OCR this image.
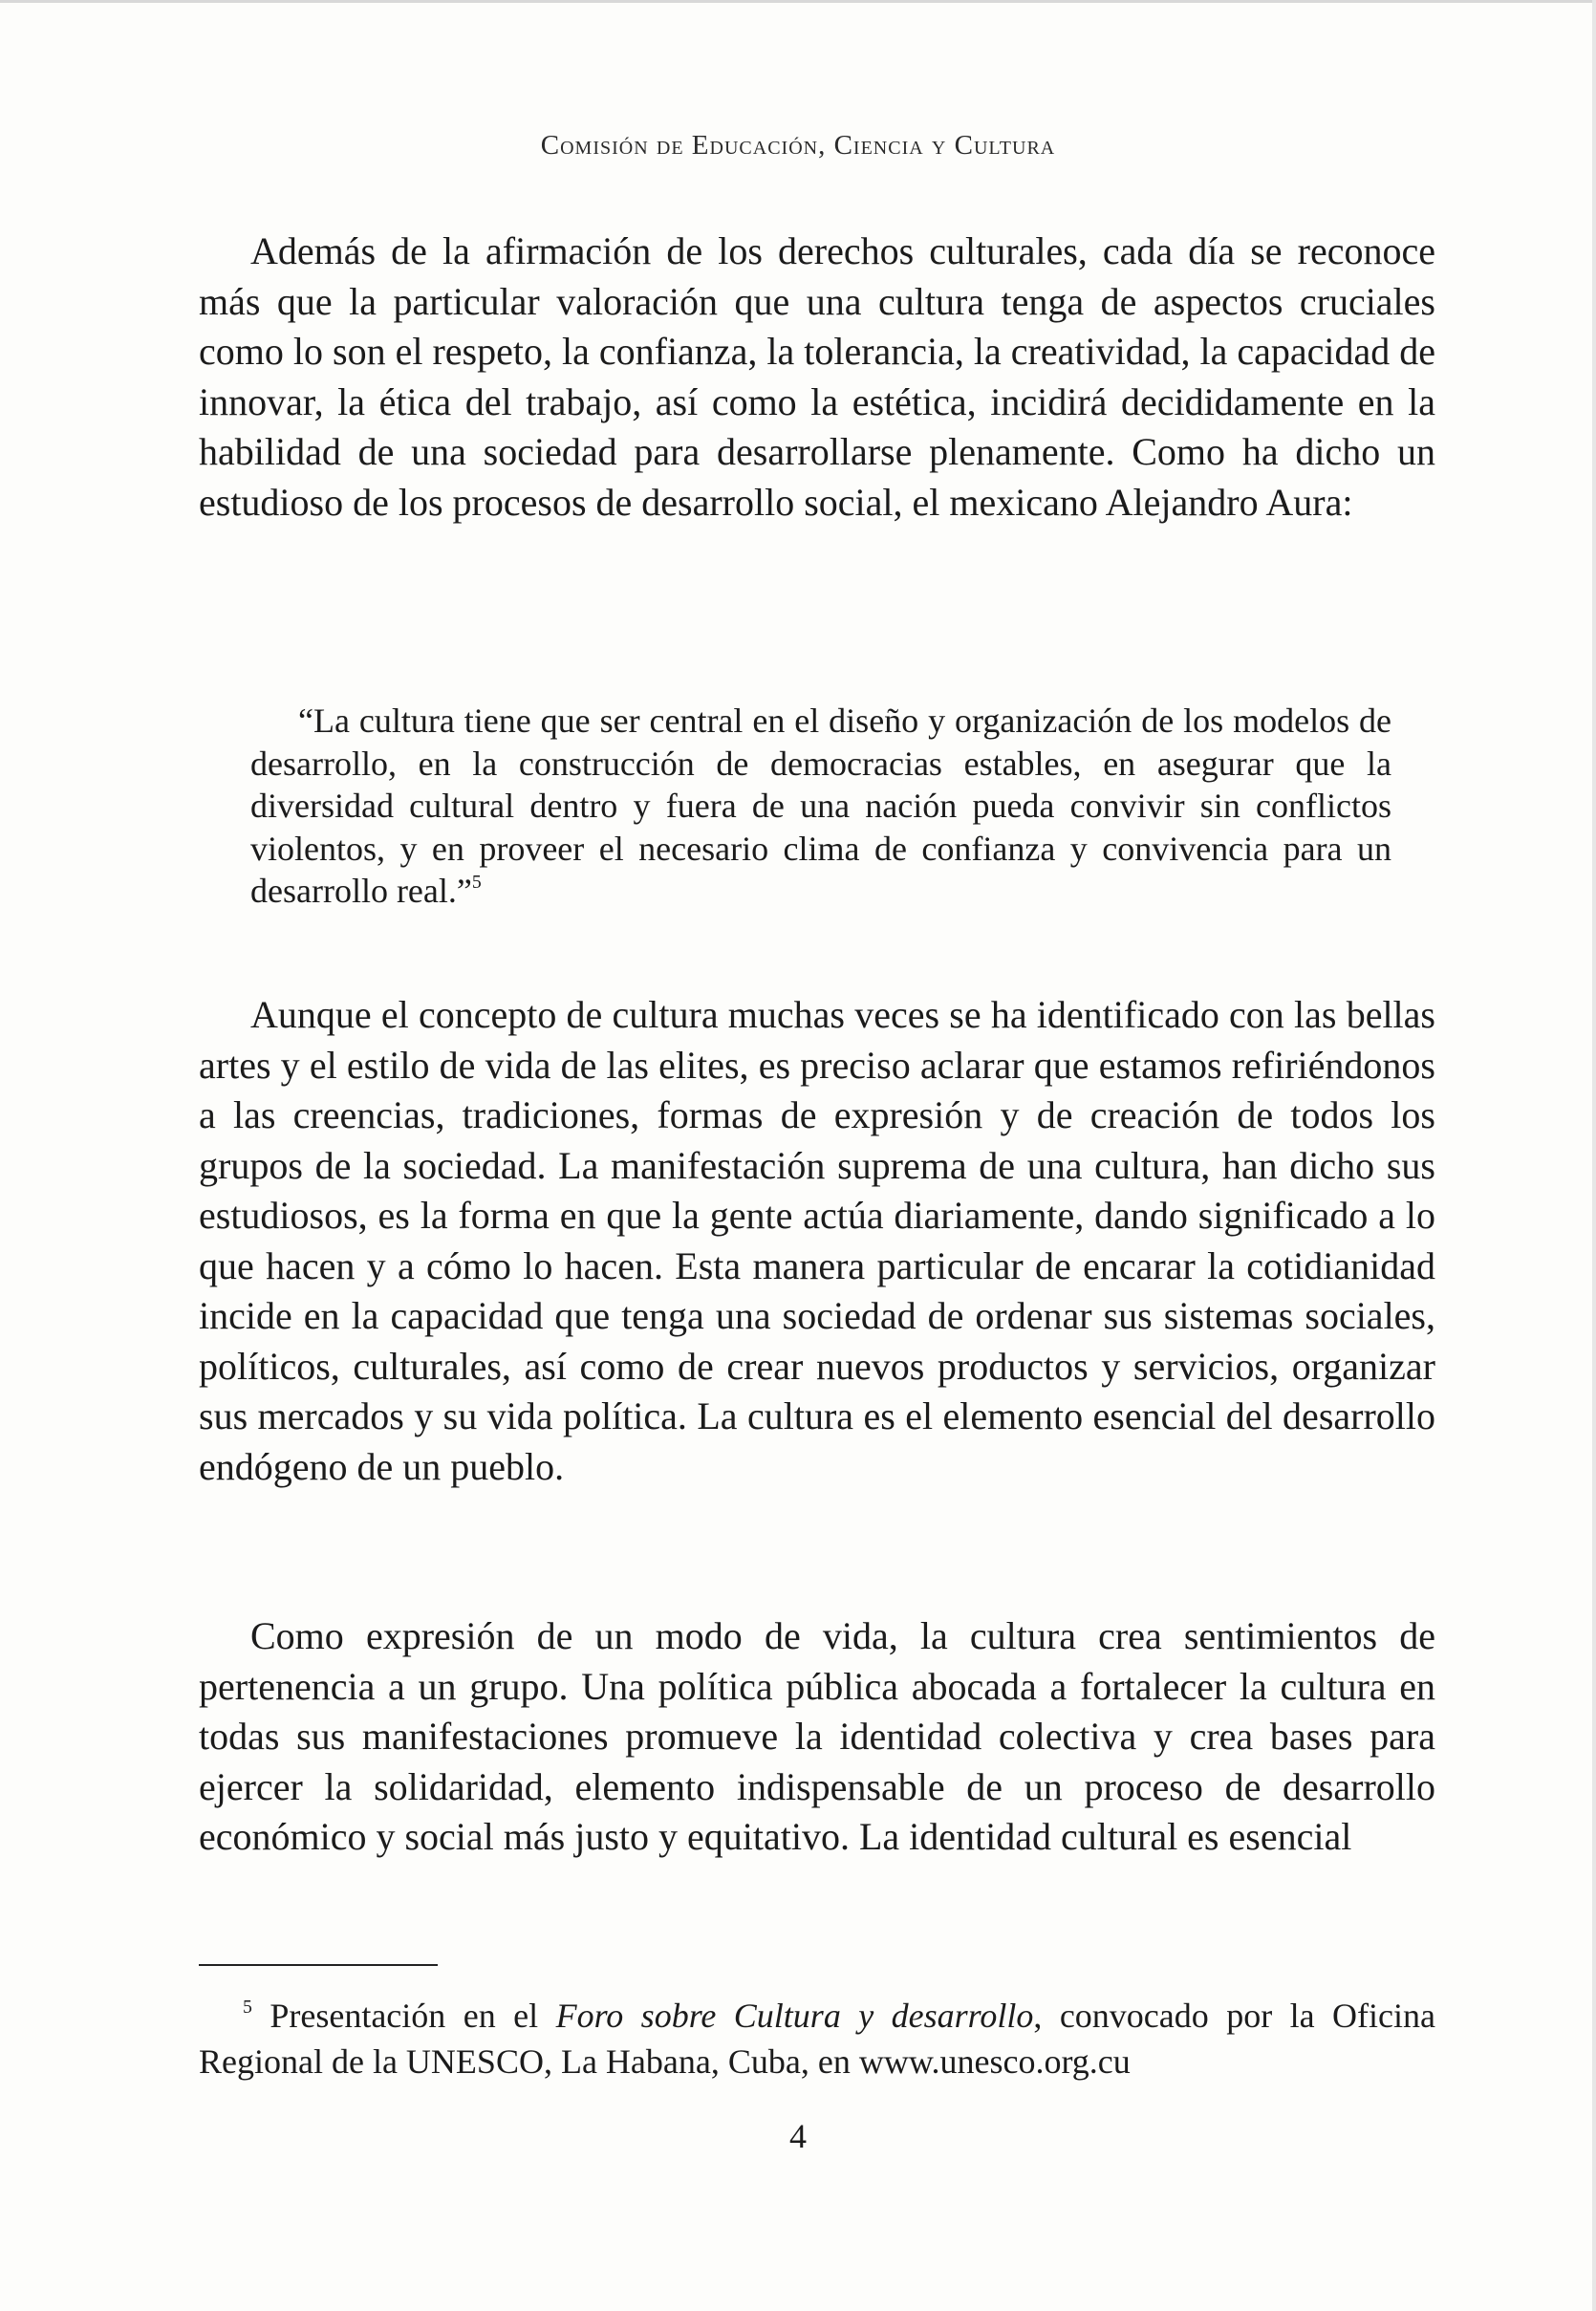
Comisión de Educación, Ciencia y Cultura

Además de la afirmación de los derechos culturales, cada día se reconoce más que la particular valoración que una cultura tenga de aspectos cruciales como lo son el respeto, la confianza, la tolerancia, la creatividad, la capacidad de innovar, la ética del trabajo, así como la estética, incidirá decididamente en la habilidad de una sociedad para desarrollarse plenamente. Como ha dicho un estudioso de los procesos de desarrollo social, el mexicano Alejandro Aura:

“La cultura tiene que ser central en el diseño y organización de los modelos de desarrollo, en la construcción de democracias estables, en asegurar que la diversidad cultural dentro y fuera de una nación pueda convivir sin conflictos violentos, y en proveer el necesario clima de confianza y convivencia para un desarrollo real.”$^5$

Aunque el concepto de cultura muchas veces se ha identificado con las bellas artes y el estilo de vida de las elites, es preciso aclarar que estamos refiriéndonos a las creencias, tradiciones, formas de expresión y de creación de todos los grupos de la sociedad. La manifestación suprema de una cultura, han dicho sus estudiosos, es la forma en que la gente actúa diariamente, dando significado a lo que hacen y a cómo lo hacen. Esta manera particular de encarar la cotidianidad incide en la capacidad que tenga una sociedad de ordenar sus sistemas sociales, políticos, culturales, así como de crear nuevos productos y servicios, organizar sus mercados y su vida política. La cultura es el elemento esencial del desarrollo endógeno de un pueblo.

Como expresión de un modo de vida, la cultura crea sentimientos de pertenencia a un grupo. Una política pública abocada a fortalecer la cultura en todas sus manifestaciones promueve la identidad colectiva y crea bases para ejercer la solidaridad, elemento indispensable de un proceso de desarrollo económico y social más justo y equitativo. La identidad cultural es esencial

$^5$ Presentación en el Foro sobre Cultura y desarrollo, convocado por la Oficina Regional de la UNESCO, La Habana, Cuba, en www.unesco.org.cu

4
